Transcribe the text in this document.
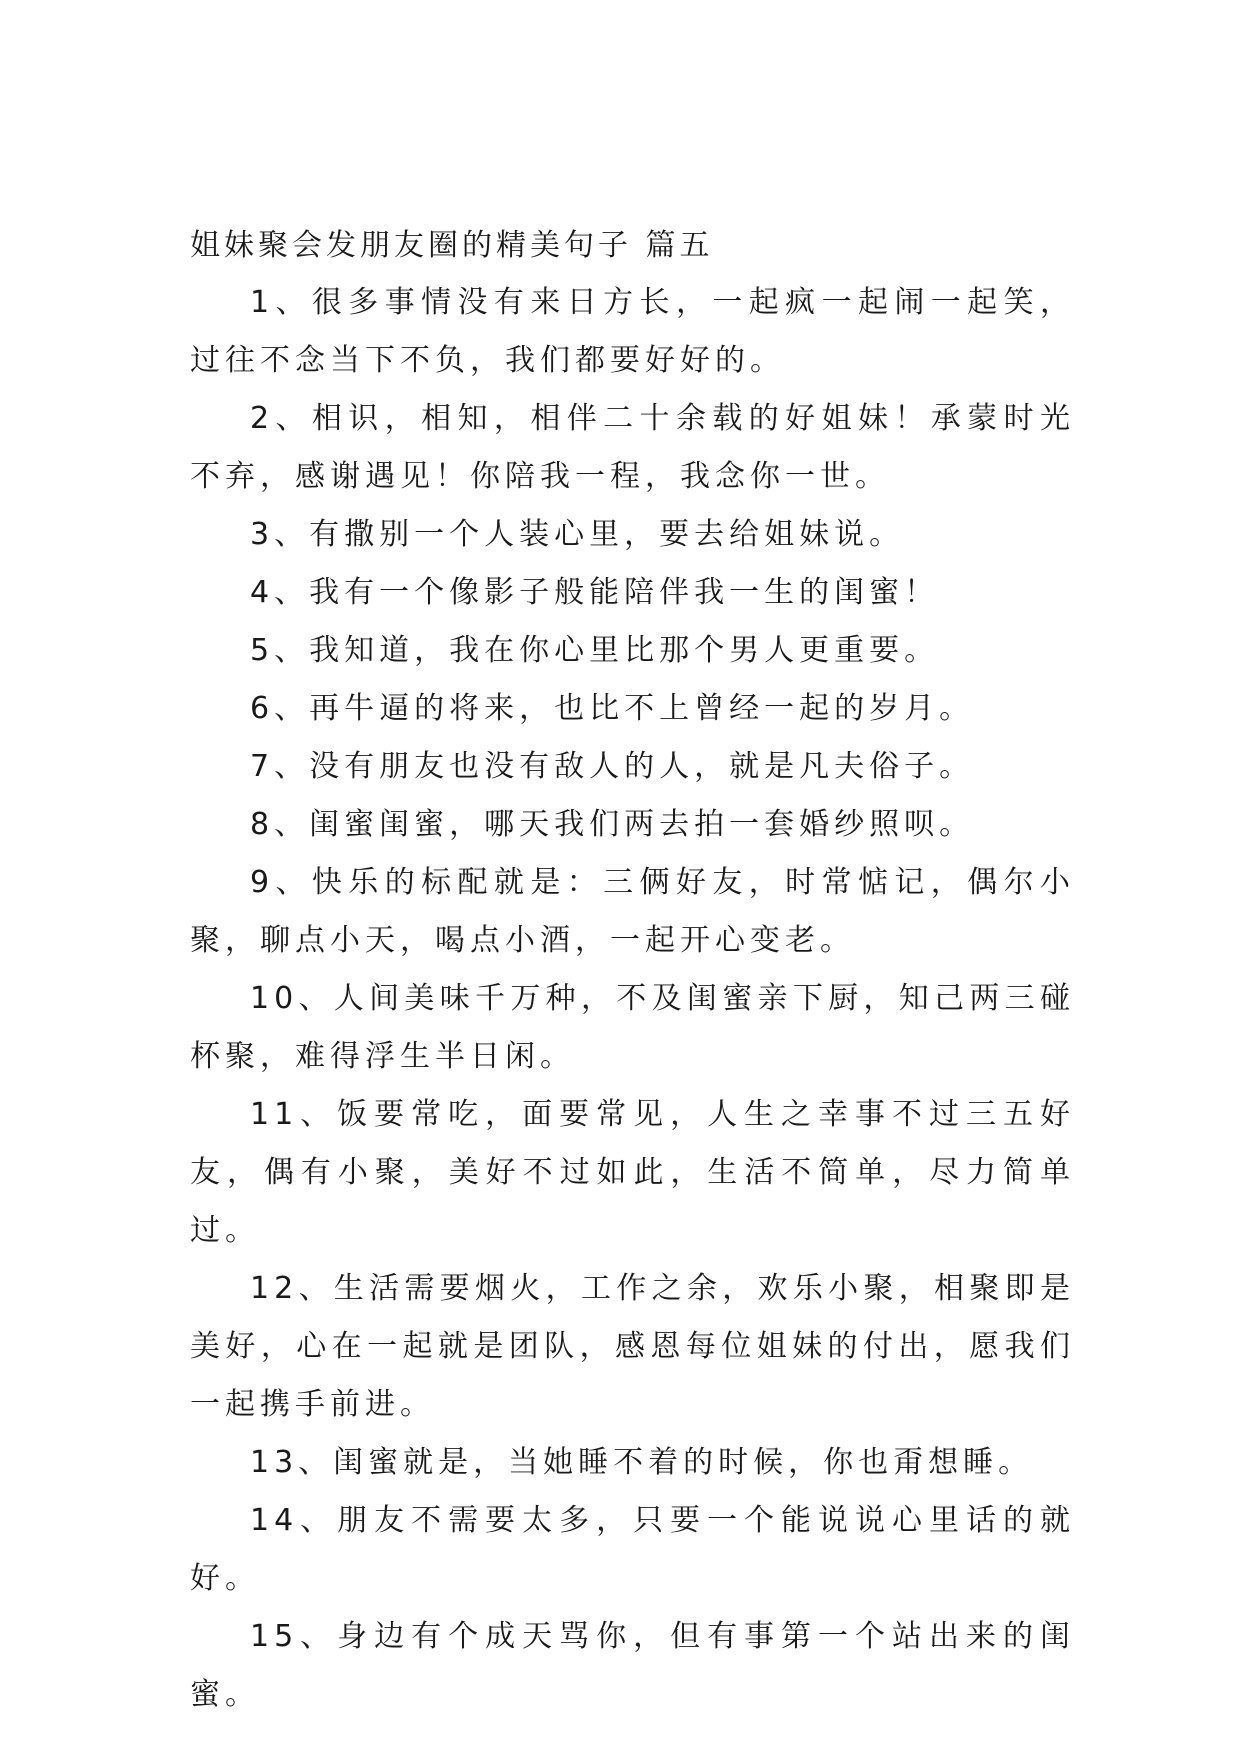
姐妹聚会发朋友圈的精美句子 篇五

1、很多事情没有来日方长，一起疯一起闹一起笑，过往不念当下不负，我们都要好好的。

2、相识，相知，相伴二十余载的好姐妹！承蒙时光不弃，感谢遇见！你陪我一程，我念你一世。

3、有撒别一个人装心里，要去给姐妹说。

4、我有一个像影子般能陪伴我一生的闺蜜！

5、我知道，我在你心里比那个男人更重要。

6、再牛逼的将来，也比不上曾经一起的岁月。

7、没有朋友也没有敌人的人，就是凡夫俗子。

8、闺蜜闺蜜，哪天我们两去拍一套婚纱照呗。

9、快乐的标配就是：三俩好友，时常惦记，偶尔小聚，聊点小天，喝点小酒，一起开心变老。

10、人间美味千万种，不及闺蜜亲下厨，知己两三碰杯聚，难得浮生半日闲。

11、饭要常吃，面要常见，人生之幸事不过三五好友，偶有小聚，美好不过如此，生活不简单，尽力简单过。

12、生活需要烟火，工作之余，欢乐小聚，相聚即是美好，心在一起就是团队，感恩每位姐妹的付出，愿我们一起携手前进。

13、闺蜜就是，当她睡不着的时候，你也甭想睡。

14、朋友不需要太多，只要一个能说说心里话的就好。

15、身边有个成天骂你，但有事第一个站出来的闺蜜。
